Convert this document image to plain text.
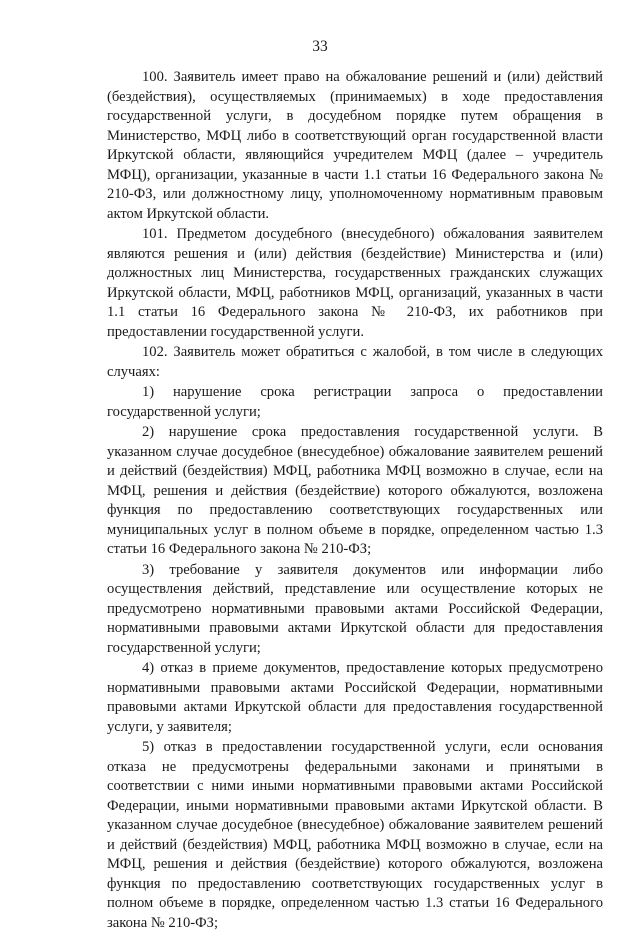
33

100. Заявитель имеет право на обжалование решений и (или) действий (бездействия), осуществляемых (принимаемых) в ходе предоставления государственной услуги, в досудебном порядке путем обращения в Министерство, МФЦ либо в соответствующий орган государственной власти Иркутской области, являющийся учредителем МФЦ (далее – учредитель МФЦ), организации, указанные в части 1.1 статьи 16 Федерального закона № 210-ФЗ, или должностному лицу, уполномоченному нормативным правовым актом Иркутской области.

101. Предметом досудебного (внесудебного) обжалования заявителем являются решения и (или) действия (бездействие) Министерства и (или) должностных лиц Министерства, государственных гражданских служащих Иркутской области, МФЦ, работников МФЦ, организаций, указанных в части 1.1 статьи 16 Федерального закона № 210-ФЗ, их работников при предоставлении государственной услуги.

102. Заявитель может обратиться с жалобой, в том числе в следующих случаях:

1) нарушение срока регистрации запроса о предоставлении государственной услуги;

2) нарушение срока предоставления государственной услуги. В указанном случае досудебное (внесудебное) обжалование заявителем решений и действий (бездействия) МФЦ, работника МФЦ возможно в случае, если на МФЦ, решения и действия (бездействие) которого обжалуются, возложена функция по предоставлению соответствующих государственных или муниципальных услуг в полном объеме в порядке, определенном частью 1.3 статьи 16 Федерального закона № 210-ФЗ;

3) требование у заявителя документов или информации либо осуществления действий, представление или осуществление которых не предусмотрено нормативными правовыми актами Российской Федерации, нормативными правовыми актами Иркутской области для предоставления государственной услуги;

4) отказ в приеме документов, предоставление которых предусмотрено нормативными правовыми актами Российской Федерации, нормативными правовыми актами Иркутской области для предоставления государственной услуги, у заявителя;

5) отказ в предоставлении государственной услуги, если основания отказа не предусмотрены федеральными законами и принятыми в соответствии с ними иными нормативными правовыми актами Российской Федерации, иными нормативными правовыми актами Иркутской области. В указанном случае досудебное (внесудебное) обжалование заявителем решений и действий (бездействия) МФЦ, работника МФЦ возможно в случае, если на МФЦ, решения и действия (бездействие) которого обжалуются, возложена функция по предоставлению соответствующих государственных услуг в полном объеме в порядке, определенном частью 1.3 статьи 16 Федерального закона № 210-ФЗ;
